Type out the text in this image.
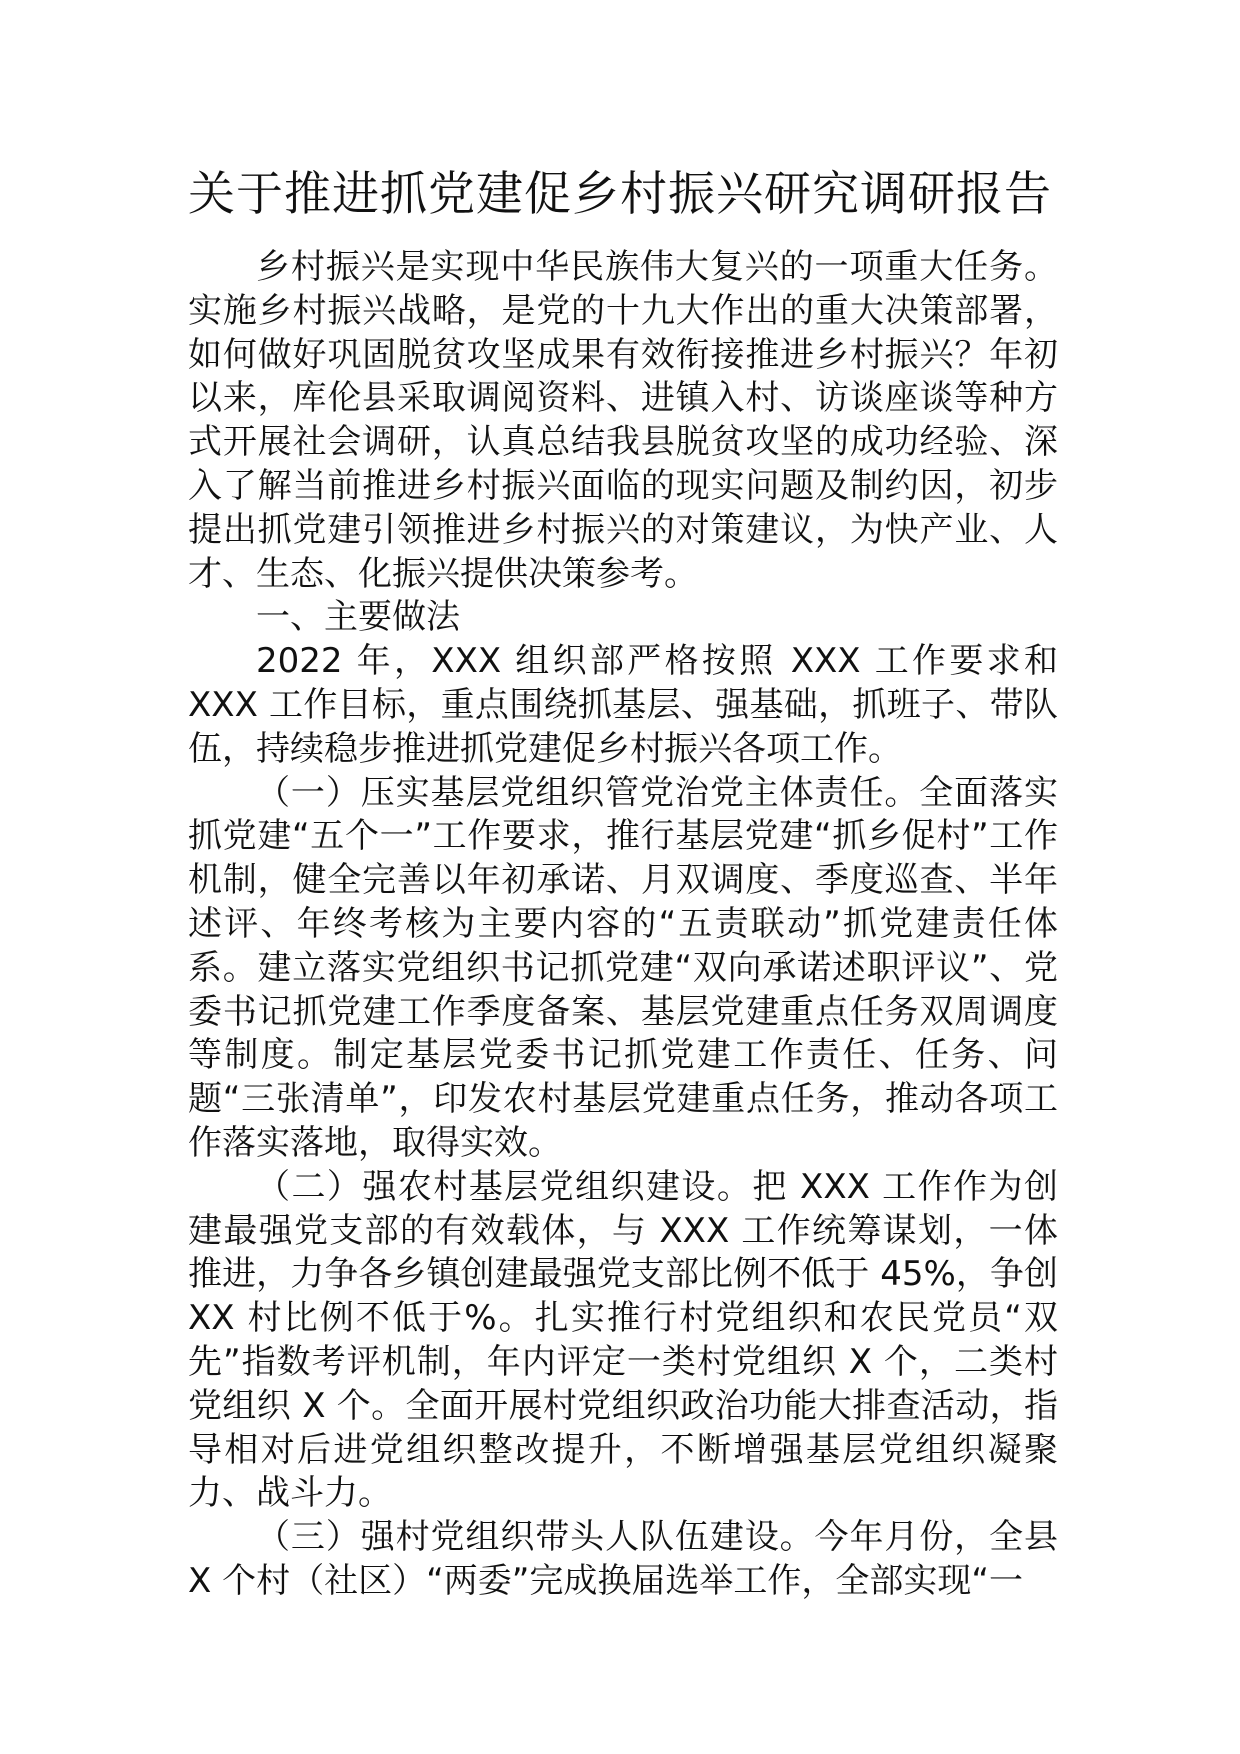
关于推进抓党建促乡村振兴研究调研报告

乡村振兴是实现中华民族伟大复兴的一项重大任务。实施乡村振兴战略，是党的十九大作出的重大决策部署，如何做好巩固脱贫攻坚成果有效衔接推进乡村振兴？年初以来，库伦县采取调阅资料、进镇入村、访谈座谈等种方式开展社会调研，认真总结我县脱贫攻坚的成功经验、深入了解当前推进乡村振兴面临的现实问题及制约因，初步提出抓党建引领推进乡村振兴的对策建议，为快产业、人才、生态、化振兴提供决策参考。

一、主要做法

2022 年，XXX 组织部严格按照 XXX 工作要求和 XXX 工作目标，重点围绕抓基层、强基础，抓班子、带队伍，持续稳步推进抓党建促乡村振兴各项工作。

（一）压实基层党组织管党治党主体责任。全面落实抓党建“五个一”工作要求，推行基层党建“抓乡促村”工作机制，健全完善以年初承诺、月双调度、季度巡查、半年述评、年终考核为主要内容的“五责联动”抓党建责任体系。建立落实党组织书记抓党建“双向承诺述职评议”、党委书记抓党建工作季度备案、基层党建重点任务双周调度等制度。制定基层党委书记抓党建工作责任、任务、问题“三张清单”，印发农村基层党建重点任务，推动各项工作落实落地，取得实效。

（二）强农村基层党组织建设。把 XXX 工作作为创建最强党支部的有效载体，与 XXX 工作统筹谋划，一体推进，力争各乡镇创建最强党支部比例不低于 45%，争创 XX 村比例不低于%。扎实推行村党组织和农民党员“双先”指数考评机制，年内评定一类村党组织 X 个，二类村党组织 X 个。全面开展村党组织政治功能大排查活动，指导相对后进党组织整改提升，不断增强基层党组织凝聚力、战斗力。

（三）强村党组织带头人队伍建设。今年月份，全县 X 个村（社区）“两委”完成换届选举工作，全部实现“一
